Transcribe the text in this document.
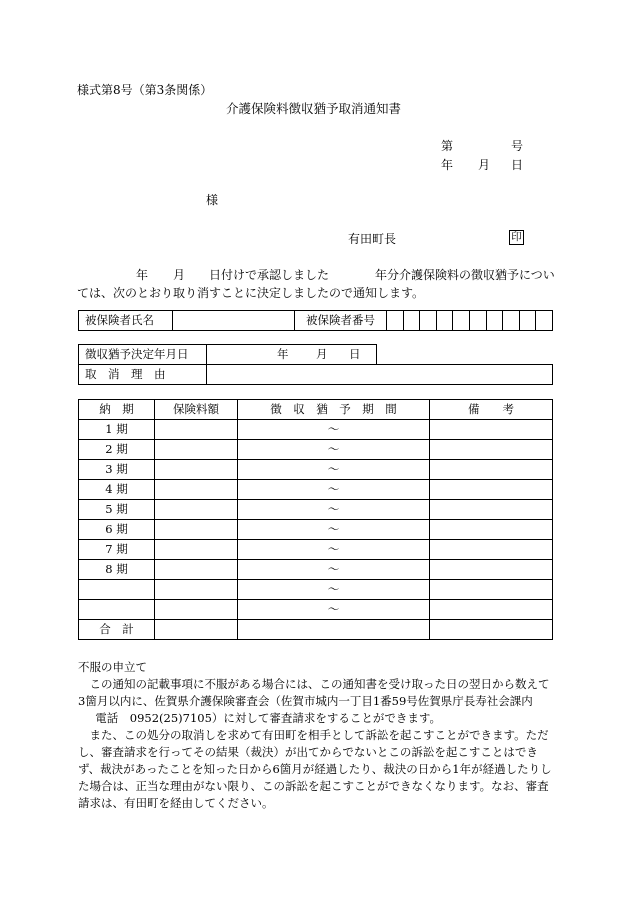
様式第8号（第3条関係）
介護保険料徴収猶予取消通知書
第	号
年 月 日
様
有田町長	印
年 月 日付けで承認しました	年分介護保険料の徴収猶予につい
ては、次のとおり取り消すことに決定しましたので通知します。
被保険者氏名		被保険者番号										
徴収猶予決定年月日	年 月 日	

取　消　理　由		
納　期	保険料額	徴　収　猶　予　期　間	備　　考
1 期		～	
2 期		～	
3 期		～	
4 期		～	
5 期		～	
6 期		～	
7 期		～	
8 期		～	
		～	
		～	
合　計			

不服の申立て

この通知の記載事項に不服がある場合には、この通知書を受け取った日の翌日から数えて3箇月以内に、佐賀県介護保険審査会（佐賀市城内一丁目1番59号佐賀県庁長寿社会課内

電話　0952(25)7105）に対して審査請求をすることができます。

また、この処分の取消しを求めて有田町を相手として訴訟を起こすことができます。ただし、審査請求を行ってその結果（裁決）が出てからでないとこの訴訟を起こすことはできず、裁決があったことを知った日から6箇月が経過したり、裁決の日から1年が経過したりした場合は、正当な理由がない限り、この訴訟を起こすことができなくなります。なお、審査請求は、有田町を経由してください。
